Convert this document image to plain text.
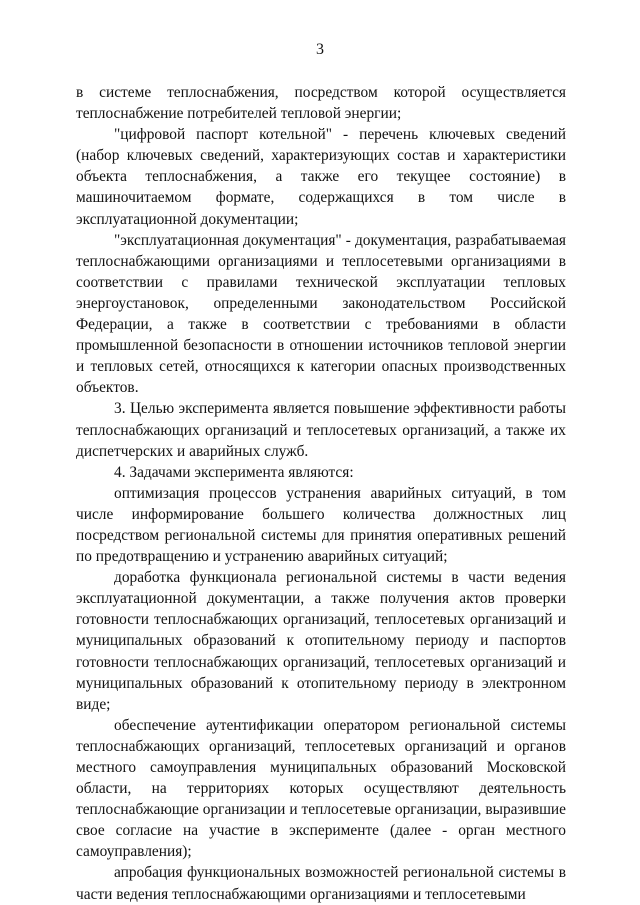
3

в системе теплоснабжения, посредством которой осуществляется теплоснабжение потребителей тепловой энергии;

"цифровой паспорт котельной" - перечень ключевых сведений (набор ключевых сведений, характеризующих состав и характеристики объекта теплоснабжения, а также его текущее состояние) в машиночитаемом формате, содержащихся в том числе в эксплуатационной документации;

"эксплуатационная документация" - документация, разрабатываемая теплоснабжающими организациями и теплосетевыми организациями в соответствии с правилами технической эксплуатации тепловых энергоустановок, определенными законодательством Российской Федерации, а также в соответствии с требованиями в области промышленной безопасности в отношении источников тепловой энергии и тепловых сетей, относящихся к категории опасных производственных объектов.

3. Целью эксперимента является повышение эффективности работы теплоснабжающих организаций и теплосетевых организаций, а также их диспетчерских и аварийных служб.

4. Задачами эксперимента являются:

оптимизация процессов устранения аварийных ситуаций, в том числе информирование большего количества должностных лиц посредством региональной системы для принятия оперативных решений по предотвращению и устранению аварийных ситуаций;

доработка функционала региональной системы в части ведения эксплуатационной документации, а также получения актов проверки готовности теплоснабжающих организаций, теплосетевых организаций и муниципальных образований к отопительному периоду и паспортов готовности теплоснабжающих организаций, теплосетевых организаций и муниципальных образований к отопительному периоду в электронном виде;

обеспечение аутентификации оператором региональной системы теплоснабжающих организаций, теплосетевых организаций и органов местного самоуправления муниципальных образований Московской области, на территориях которых осуществляют деятельность теплоснабжающие организации и теплосетевые организации, выразившие свое согласие на участие в эксперименте (далее - орган местного самоуправления);

апробация функциональных возможностей региональной системы в части ведения теплоснабжающими организациями и теплосетевыми
